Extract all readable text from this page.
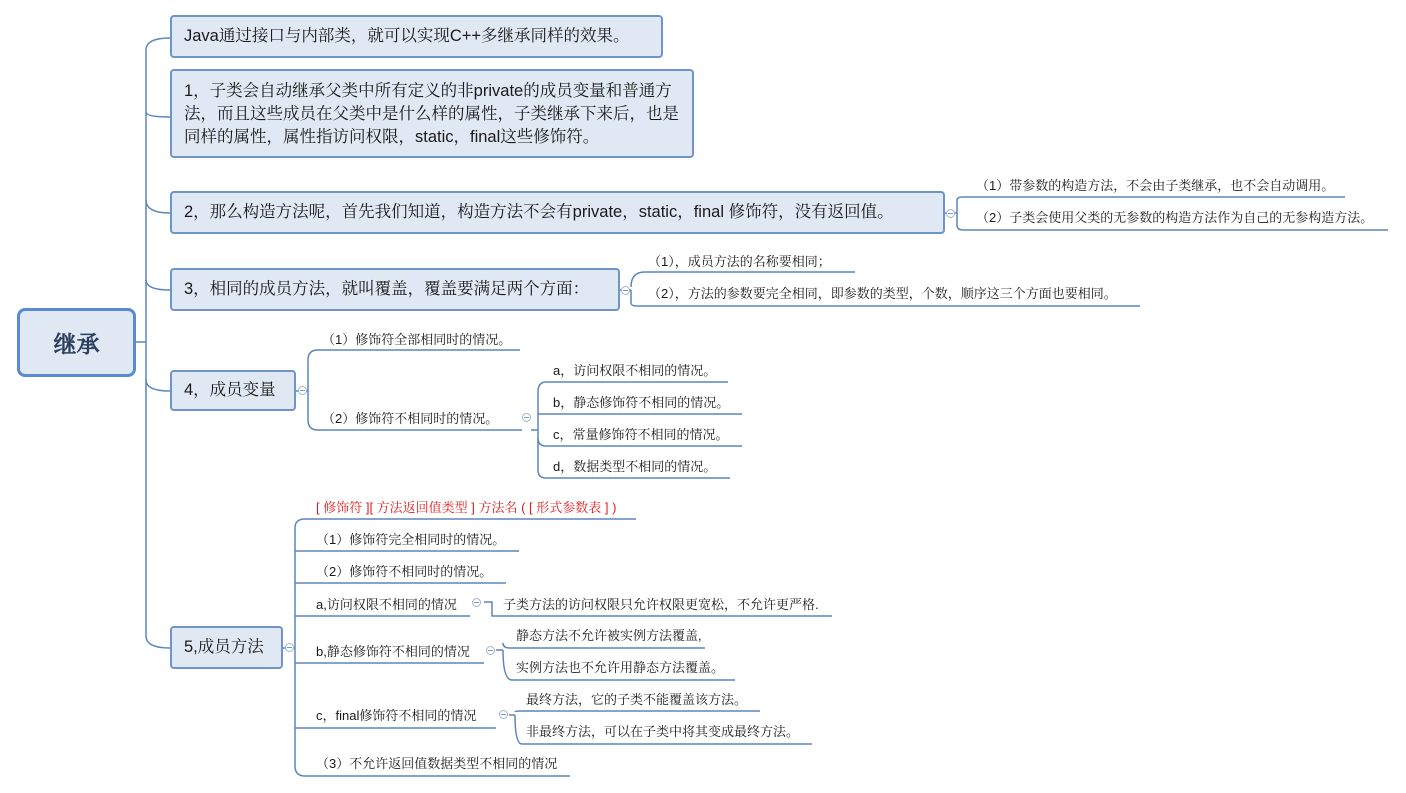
继承
Java通过接口与内部类，就可以实现C++多继承同样的效果。
1，子类会自动继承父类中所有定义的非private的成员变量和普通方法，而且这些成员在父类中是什么样的属性，子类继承下来后，也是同样的属性，属性指访问权限，static，final这些修饰符。
2，那么构造方法呢，首先我们知道，构造方法不会有private，static，final 修饰符，没有返回值。
3，相同的成员方法，就叫覆盖，覆盖要满足两个方面：
4，成员变量
5,成员方法
（1）带参数的构造方法，不会由子类继承，也不会自动调用。
（2）子类会使用父类的无参数的构造方法作为自己的无参构造方法。
（1），成员方法的名称要相同；
（2），方法的参数要完全相同，即参数的类型，个数，顺序这三个方面也要相同。
（1）修饰符全部相同时的情况。
（2）修饰符不相同时的情况。
a，访问权限不相同的情况。
b，静态修饰符不相同的情况。
c，常量修饰符不相同的情况。
d，数据类型不相同的情况。
[ 修饰符 ][ 方法返回值类型 ] 方法名 ( [ 形式参数表 ] )
（1）修饰符完全相同时的情况。
（2）修饰符不相同时的情况。
a,访问权限不相同的情况
b,静态修饰符不相同的情况
c，final修饰符不相同的情况
（3）不允许返回值数据类型不相同的情况
子类方法的访问权限只允许权限更宽松，不允许更严格.
静态方法不允许被实例方法覆盖,
实例方法也不允许用静态方法覆盖。
最终方法，它的子类不能覆盖该方法。
非最终方法，可以在子类中将其变成最终方法。
